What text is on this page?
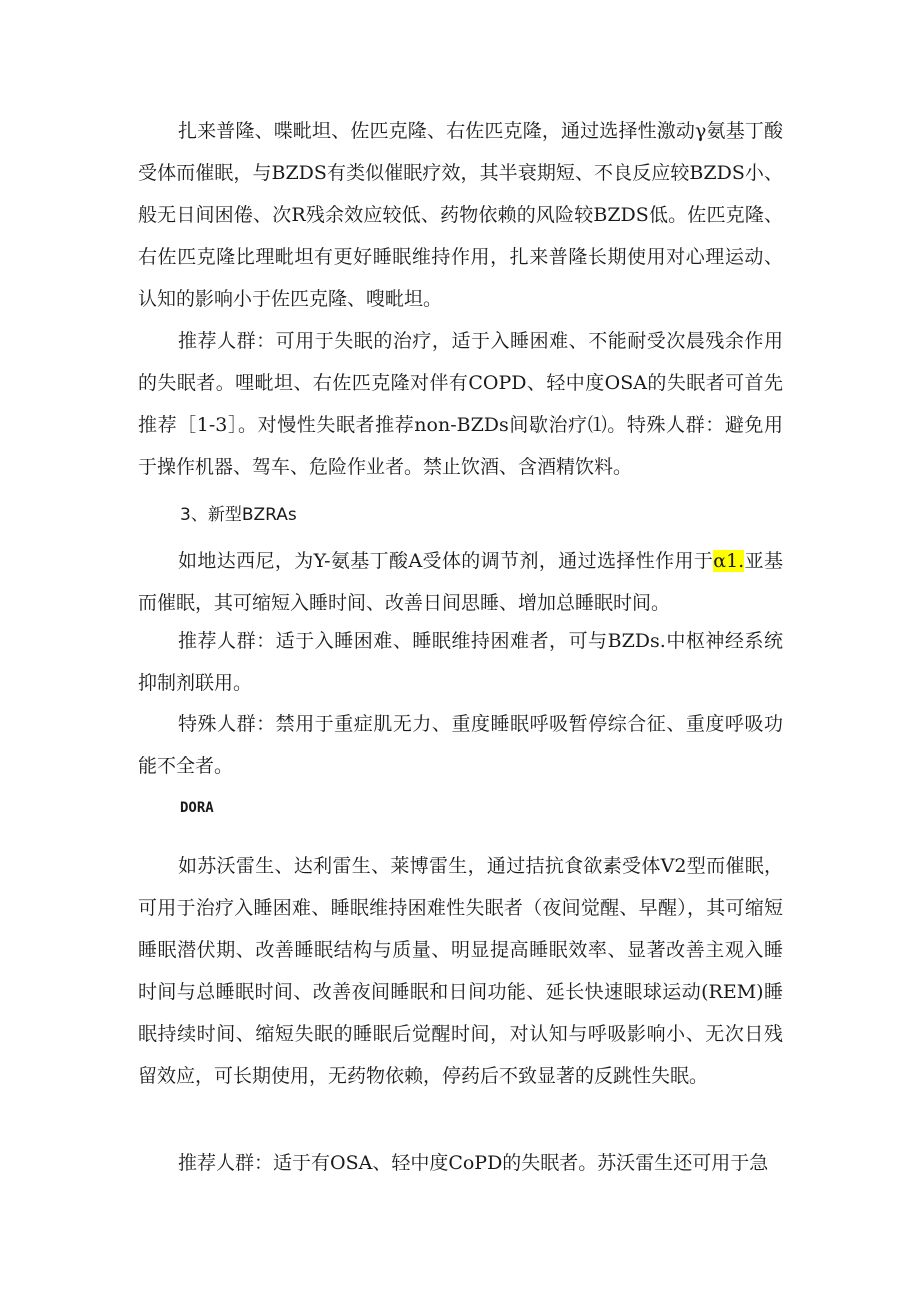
扎来普隆、喋毗坦、佐匹克隆、右佐匹克隆，通过选择性激动γ氨基丁酸受体而催眠，与BZDS有类似催眠疗效，其半衰期短、不良反应较BZDS小、般无日间困倦、次R残余效应较低、药物依赖的风险较BZDS低。佐匹克隆、右佐匹克隆比理毗坦有更好睡眠维持作用，扎来普隆长期使用对心理运动、认知的影响小于佐匹克隆、嗖毗坦。

推荐人群：可用于失眠的治疗，适于入睡困难、不能耐受次晨残余作用的失眠者。哩毗坦、右佐匹克隆对伴有COPD、轻中度OSA的失眠者可首先推荐［1-3］。对慢性失眠者推荐non-BZDs间歇治疗⑴。特殊人群：避免用于操作机器、驾车、危险作业者。禁止饮酒、含酒精饮料。

3、新型BZRAs

如地达西尼，为Y-氨基丁酸A受体的调节剂，通过选择性作用于α1.亚基而催眠，其可缩短入睡时间、改善日间思睡、增加总睡眠时间。

推荐人群：适于入睡困难、睡眠维持困难者，可与BZDs.中枢神经系统抑制剂联用。

特殊人群：禁用于重症肌无力、重度睡眠呼吸暂停综合征、重度呼吸功能不全者。

DORA

如苏沃雷生、达利雷生、莱博雷生，通过拮抗食欲素受体V2型而催眠，可用于治疗入睡困难、睡眠维持困难性失眠者（夜间觉醒、早醒），其可缩短睡眠潜伏期、改善睡眠结构与质量、明显提高睡眠效率、显著改善主观入睡时间与总睡眠时间、改善夜间睡眠和日间功能、延长快速眼球运动(REM)睡眠持续时间、缩短失眠的睡眠后觉醒时间，对认知与呼吸影响小、无次日残留效应，可长期使用，无药物依赖，停药后不致显著的反跳性失眠。

推荐人群：适于有OSA、轻中度CoPD的失眠者。苏沃雷生还可用于急
